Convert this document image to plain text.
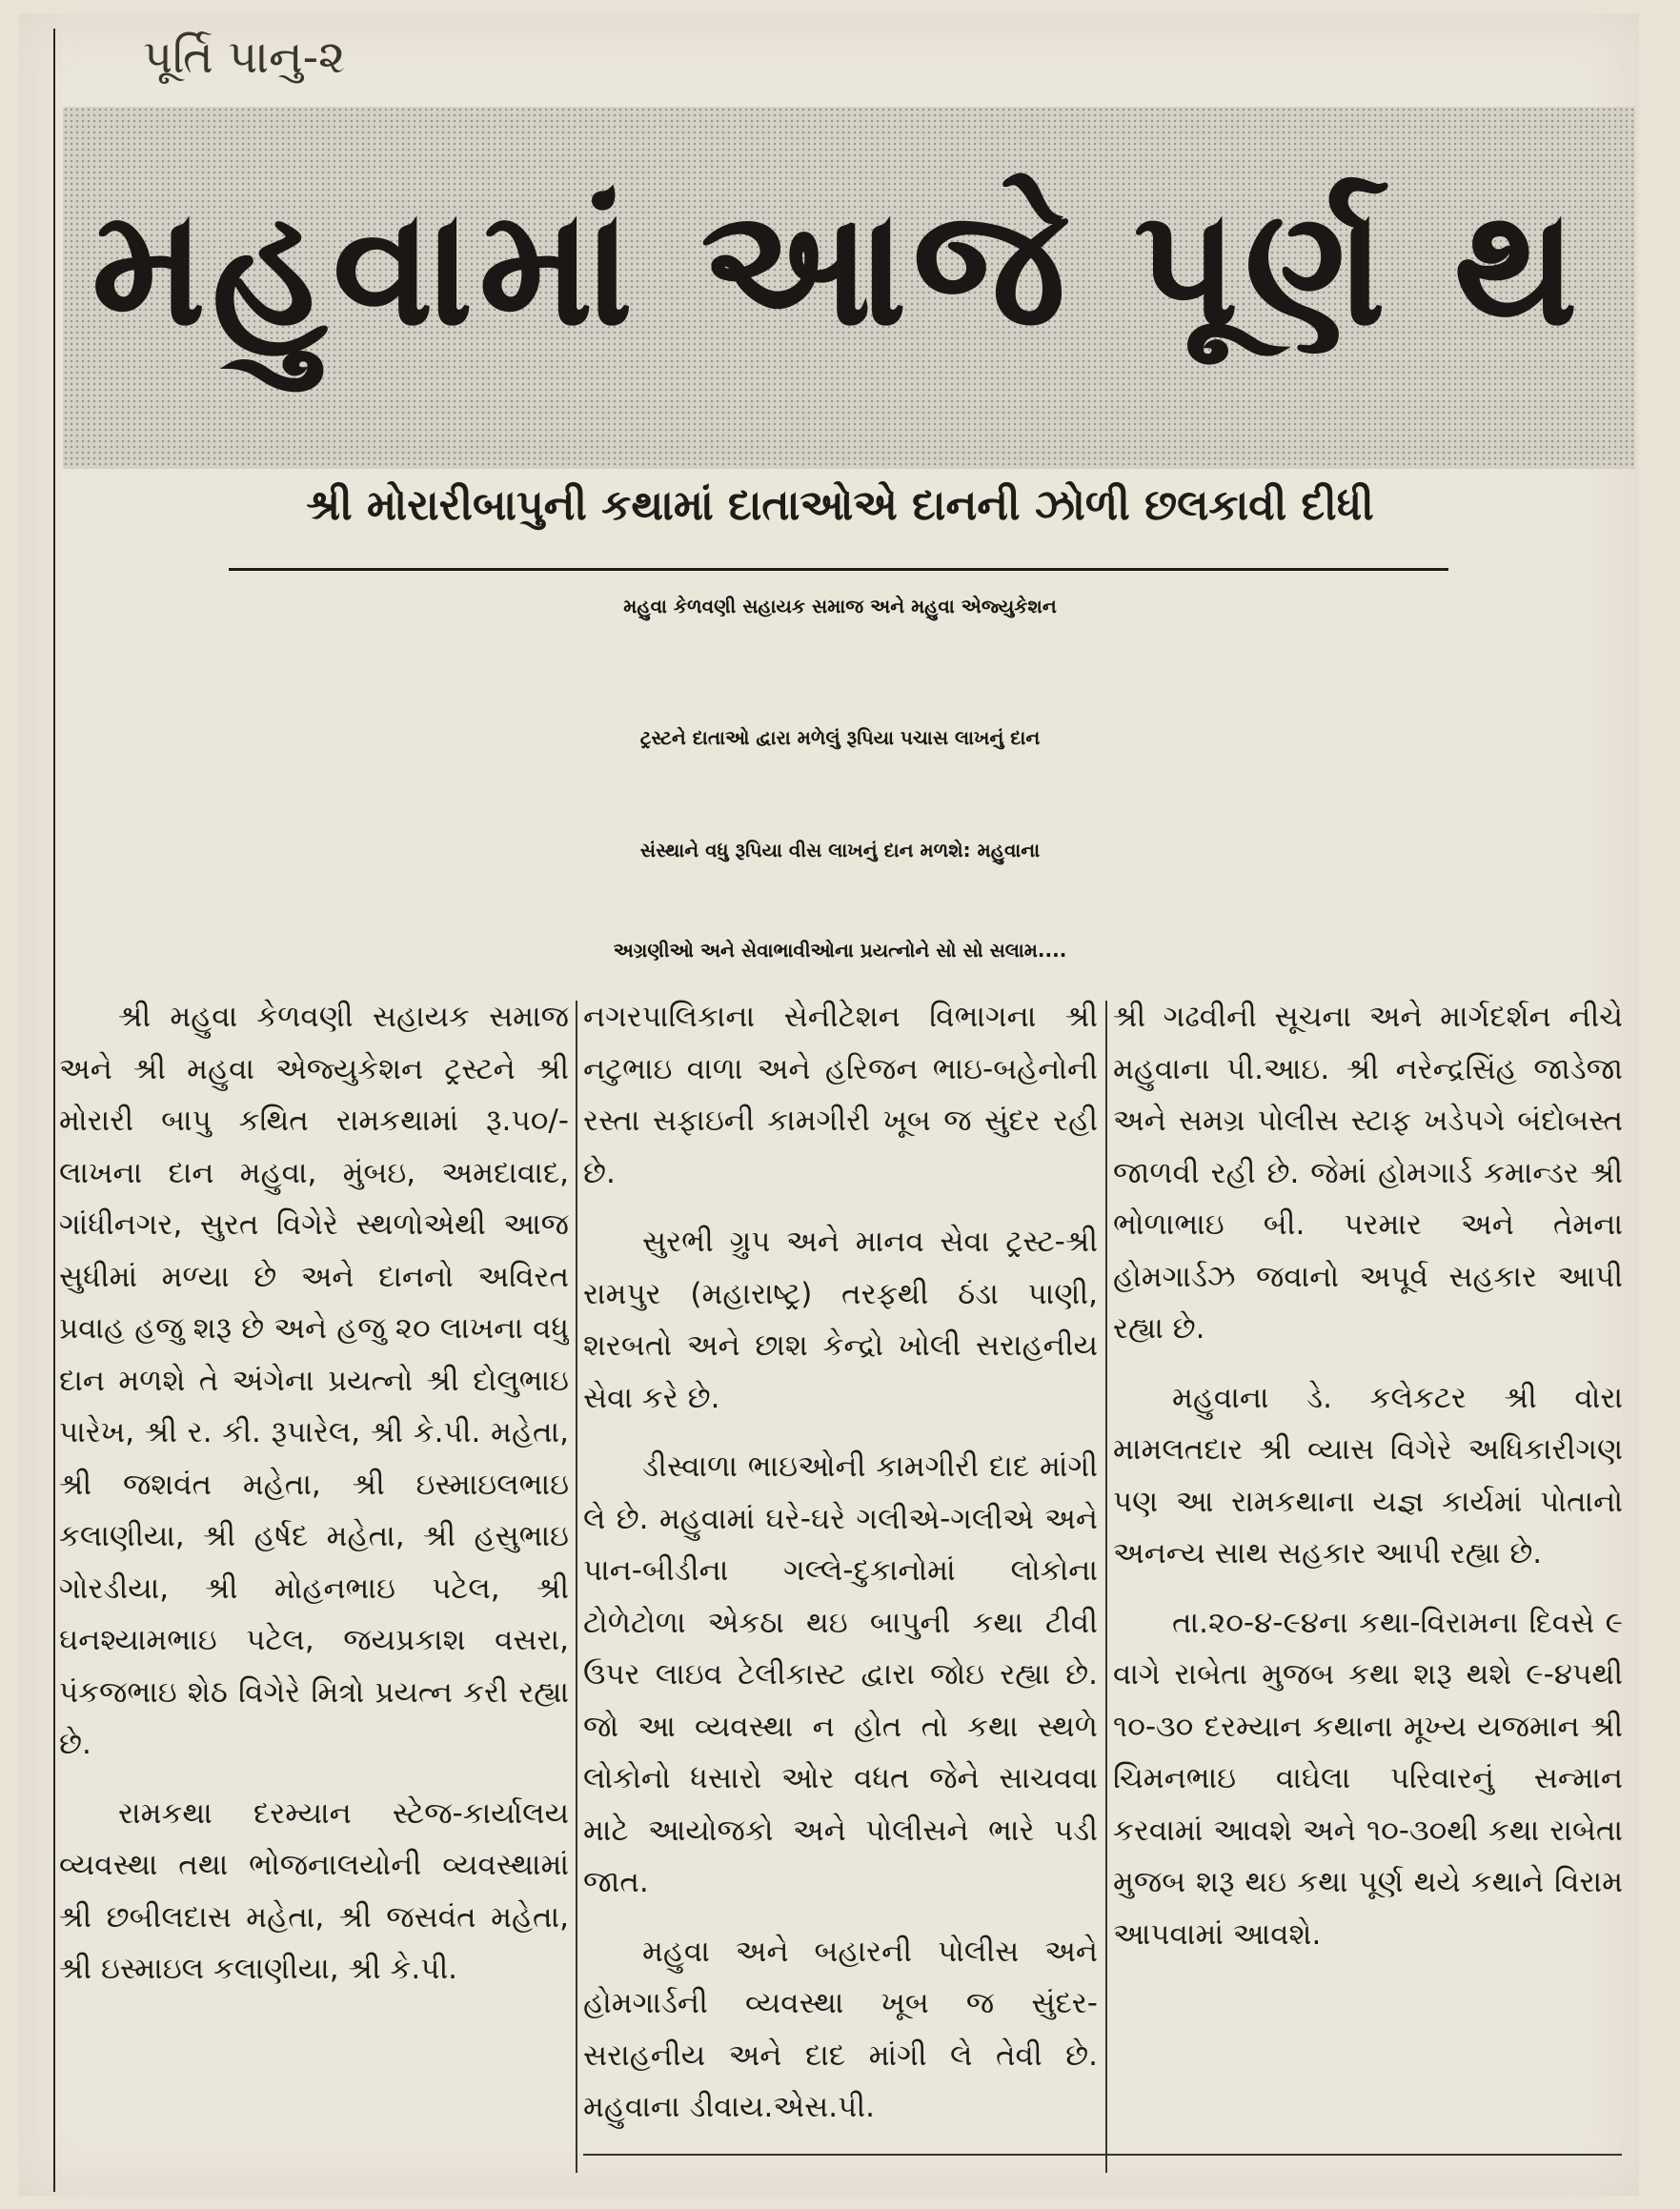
પૂર્તિ પાનુ-૨
મહુવામાં આજે પૂર્ણ થ
શ્રી મોરારીબાપુની કથામાં દાતાઓએ દાનની ઝોળી છલકાવી દીધી
મહુવા કેળવણી સહાયક સમાજ અને મહુવા એજ્યુકેશન
ટ્રસ્ટને દાતાઓ દ્વારા મળેલું રૂપિયા પચાસ લાખનું દાન
સંસ્થાને વધુ રૂપિયા વીસ લાખનું દાન મળશે: મહુવાના
અગ્રણીઓ અને સેવાભાવીઓના પ્રયત્નોને સો સો સલામ....

શ્રી મહુવા કેળવણી સહાયક સમાજ અને શ્રી મહુવા એજ્યુકેશન ટ્રસ્ટને શ્રી મોરારી બાપુ કથિત રામકથામાં રૂ.૫૦/- લાખના દાન મહુવા, મુંબઇ, અમદાવાદ, ગાંધીનગર, સુરત વિગેરે સ્થળોએથી આજ સુધીમાં મળ્યા છે અને દાનનો અવિરત પ્રવાહ હજુ શરૂ છે અને હજુ ૨૦ લાખના વધુ દાન મળશે તે અંગેના પ્રયત્નો શ્રી દોલુભાઇ પારેખ, શ્રી ર. કી. રૂપારેલ, શ્રી કે.પી. મહેતા, શ્રી જશવંત મહેતા, શ્રી ઇસ્માઇલભાઇ કલાણીયા, શ્રી હર્ષદ મહેતા, શ્રી હસુભાઇ ગોરડીયા, શ્રી મોહનભાઇ પટેલ, શ્રી ઘનશ્યામભાઇ પટેલ, જયપ્રકાશ વસરા, પંકજભાઇ શેઠ વિગેરે મિત્રો પ્રયત્ન કરી રહ્યા છે.

રામકથા દરમ્યાન સ્ટેજ-કાર્યાલય વ્યવસ્થા તથા ભોજનાલયોની વ્યવસ્થામાં શ્રી છબીલદાસ મહેતા, શ્રી જસવંત મહેતા, શ્રી ઇસ્માઇલ કલાણીયા, શ્રી કે.પી.

નગરપાલિકાના સેનીટેશન વિભાગના શ્રી નટુભાઇ વાળા અને હરિજન ભાઇ-બહેનોની રસ્તા સફાઇની કામગીરી ખૂબ જ સુંદર રહી છે.

સુરભી ગ્રુપ અને માનવ સેવા ટ્રસ્ટ-શ્રી રામપુર (મહારાષ્ટ્ર) તરફથી ઠંડા પાણી, શરબતો અને છાશ કેન્દ્રો ખોલી સરાહનીય સેવા કરે છે.

ડીસ્વાળા ભાઇઓની કામગીરી દાદ માંગી લે છે. મહુવામાં ઘરે-ઘરે ગલીએ-ગલીએ અને પાન-બીડીના ગલ્લે-દુકાનોમાં લોકોના ટોળેટોળા એકઠા થઇ બાપુની કથા ટીવી ઉપર લાઇવ ટેલીકાસ્ટ દ્વારા જોઇ રહ્યા છે. જો આ વ્યવસ્થા ન હોત તો કથા સ્થળે લોકોનો ધસારો ઓર વધત જેને સાચવવા માટે આયોજકો અને પોલીસને ભારે પડી જાત.

મહુવા અને બહારની પોલીસ અને હોમગાર્ડની વ્યવસ્થા ખૂબ જ સુંદર-સરાહનીય અને દાદ માંગી લે તેવી છે. મહુવાના ડીવાય.એસ.પી.

શ્રી ગઢવીની સૂચના અને માર્ગદર્શન નીચે મહુવાના પી.આઇ. શ્રી નરેન્દ્રસિંહ જાડેજા અને સમગ્ર પોલીસ સ્ટાફ ખડેપગે બંદોબસ્ત જાળવી રહી છે. જેમાં હોમગાર્ડ કમાન્ડર શ્રી ભોળાભાઇ બી. પરમાર અને તેમના હોમગાર્ડઝ જવાનો અપૂર્વ સહકાર આપી રહ્યા છે.

મહુવાના ડે. કલેકટર શ્રી વોરા મામલતદાર શ્રી વ્યાસ વિગેરે અધિકારીગણ પણ આ રામકથાના યજ્ઞ કાર્યમાં પોતાનો અનન્ય સાથ સહકાર આપી રહ્યા છે.

તા.૨૦-૪-૯૪ના કથા-વિરામના દિવસે ૯ વાગે રાબેતા મુજબ કથા શરૂ થશે ૯-૪૫થી ૧૦-૩૦ દરમ્યાન કથાના મૂખ્ય યજમાન શ્રી ચિમનભાઇ વાઘેલા પરિવારનું સન્માન કરવામાં આવશે અને ૧૦-૩૦થી કથા રાબેતા મુજબ શરૂ થઇ કથા પૂર્ણ થયે કથાને વિરામ આપવામાં આવશે.
